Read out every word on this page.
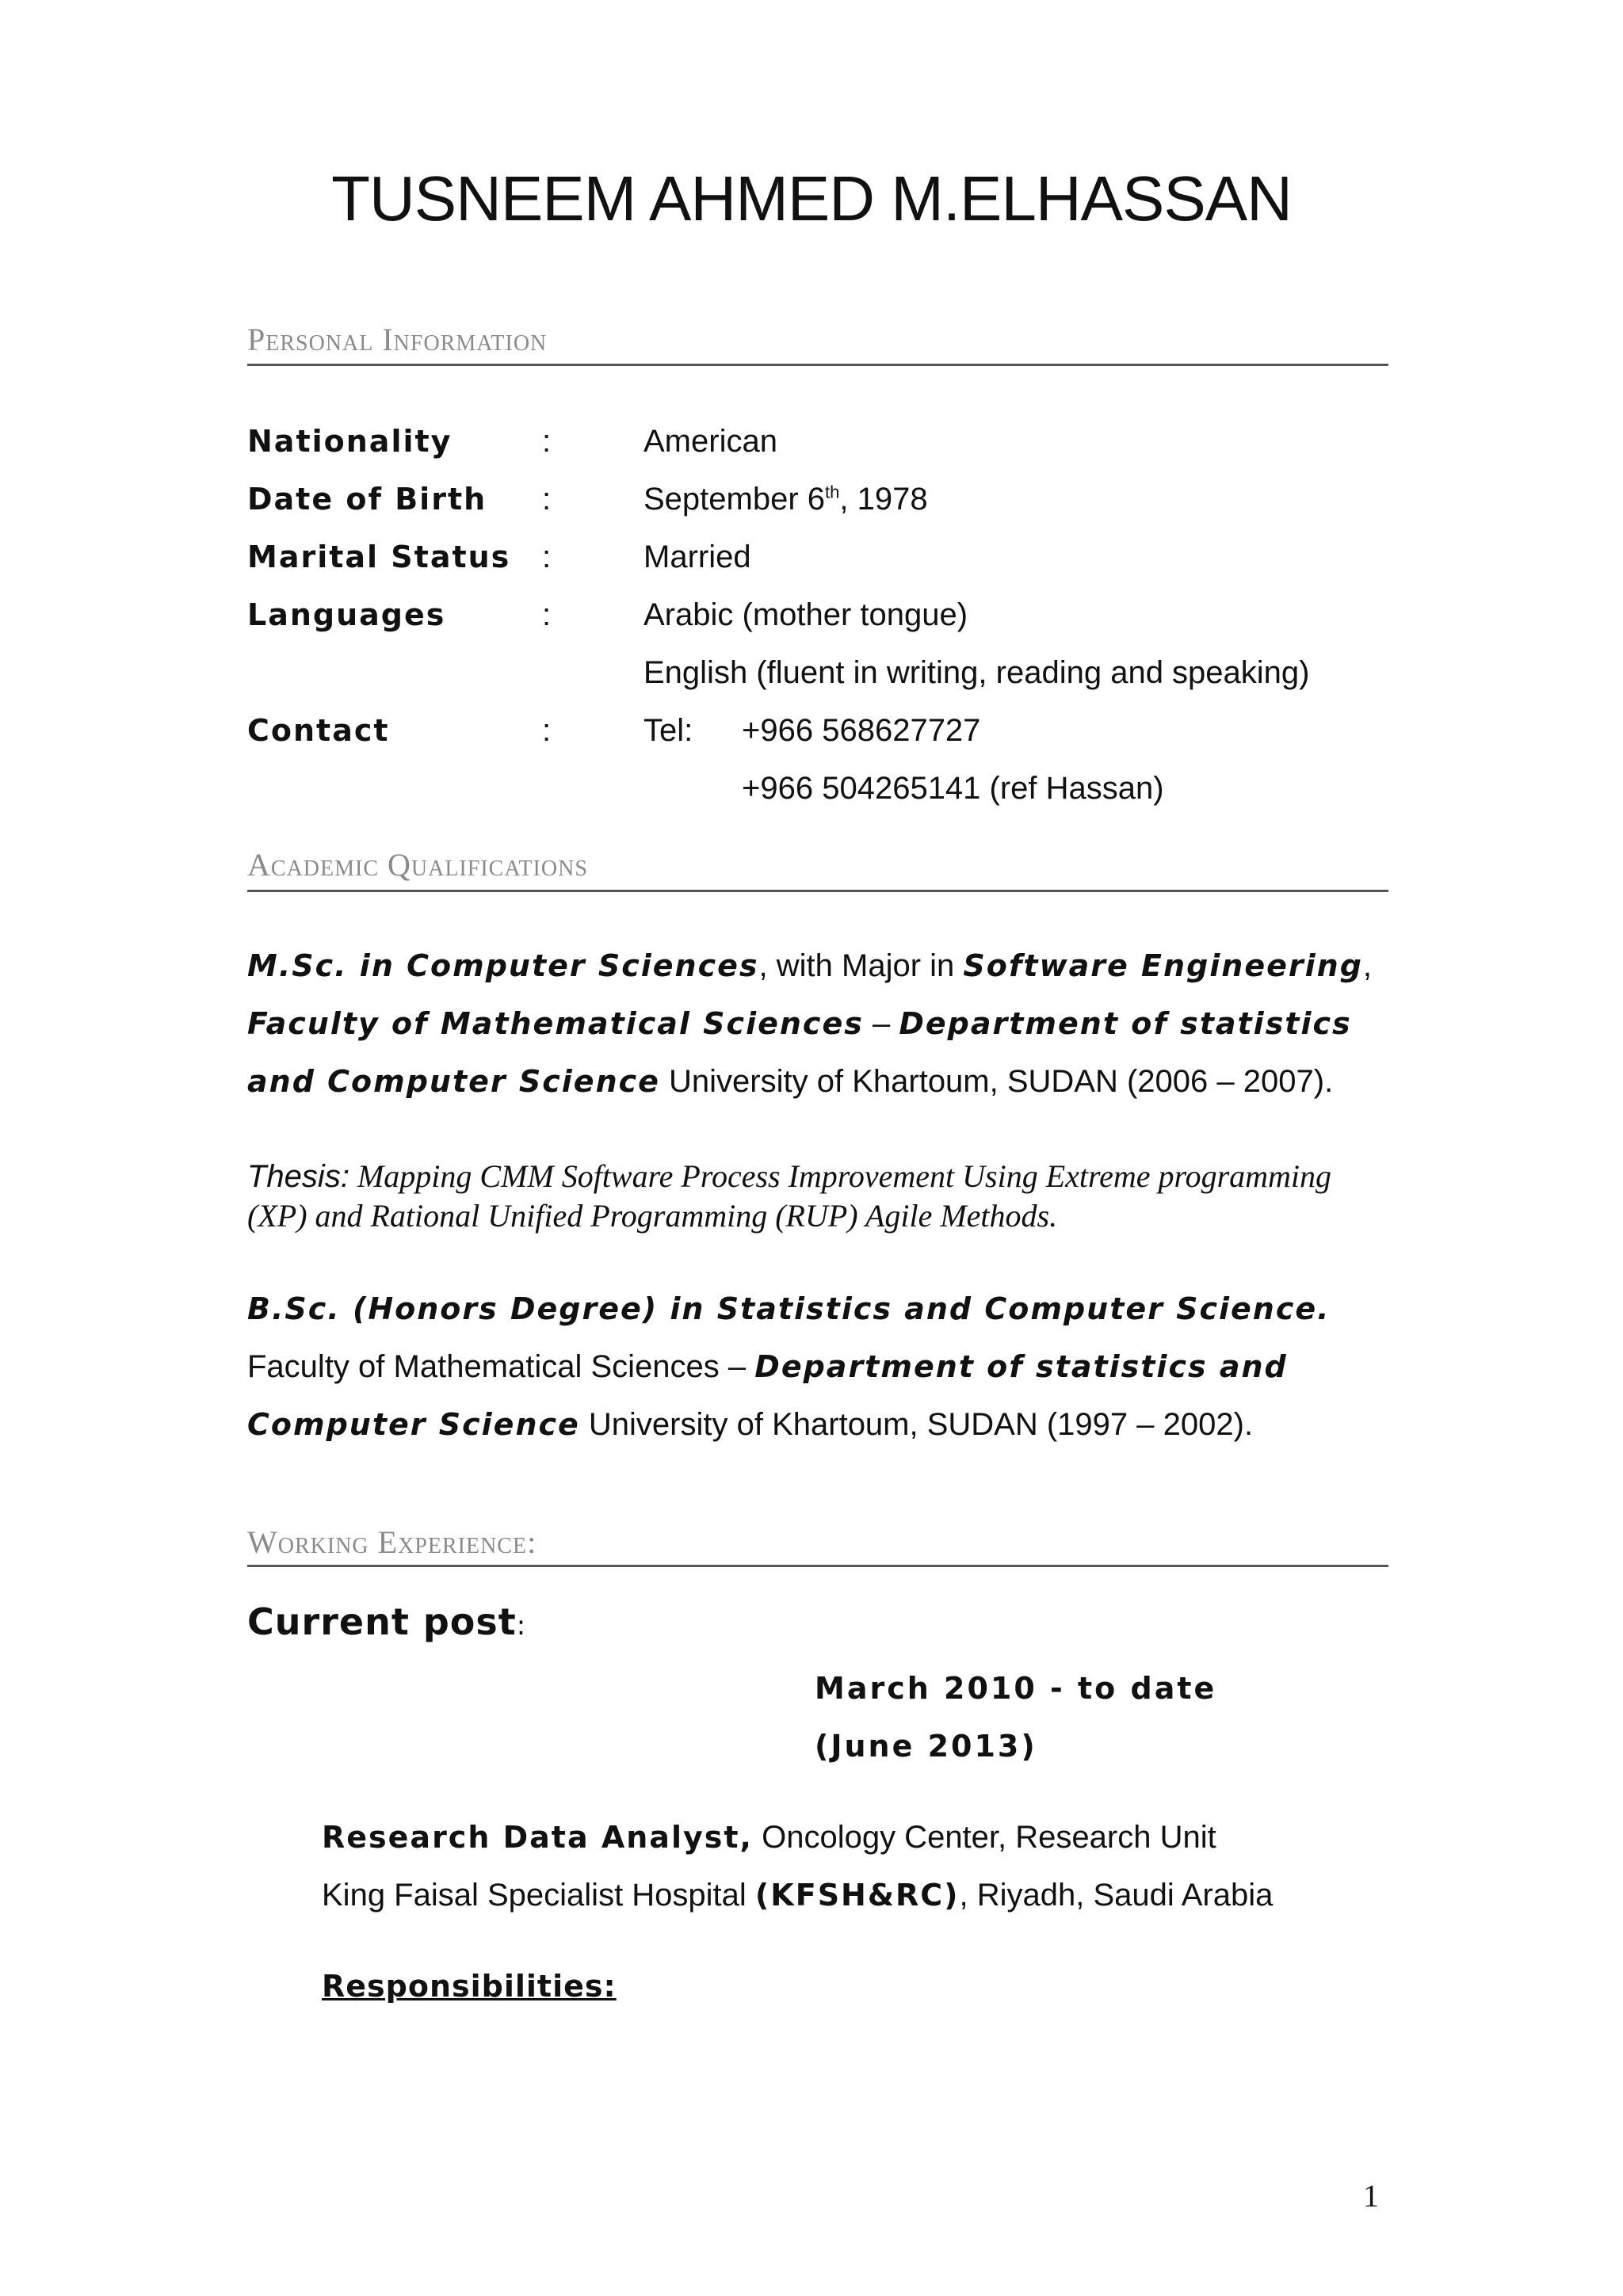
TUSNEEM AHMED M.ELHASSAN
Personal Information
Nationality	:	American
Date of Birth :	September 6th, 1978
Marital Status :	Married
Languages	:	Arabic (mother tongue)
English (fluent in writing, reading and speaking)
Contact	:	Tel: +966 568627727
+966 504265141 (ref Hassan)
Academic Qualifications
M.Sc. in Computer Sciences, with Major in Software Engineering, Faculty of Mathematical Sciences – Department of statistics and Computer Science University of Khartoum, SUDAN (2006 – 2007).
Thesis: Mapping CMM Software Process Improvement Using Extreme programming (XP) and Rational Unified Programming (RUP) Agile Methods.
B.Sc. (Honors Degree) in Statistics and Computer Science. Faculty of Mathematical Sciences – Department of statistics and Computer Science University of Khartoum, SUDAN (1997 – 2002).
Working Experience:
Current post:
March 2010 - to date (June 2013)
Research Data Analyst, Oncology Center, Research Unit
King Faisal Specialist Hospital (KFSH&RC), Riyadh, Saudi Arabia
Responsibilities:
1
